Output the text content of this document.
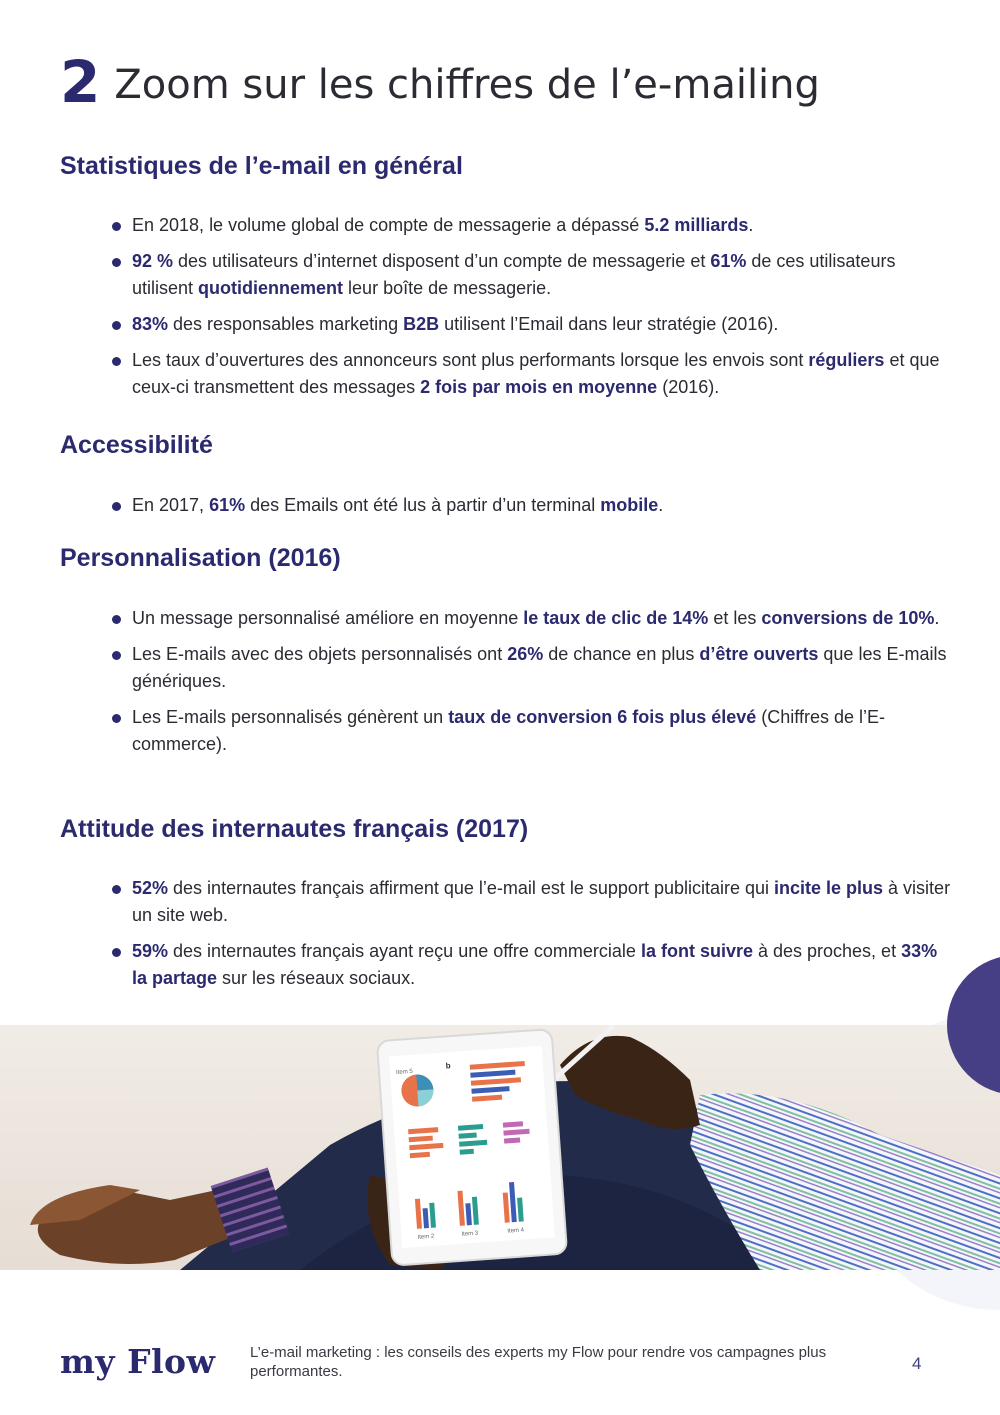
2 Zoom sur les chiffres de l’e-mailing
Statistiques de l’e-mail en général
En 2018, le volume global de compte de messagerie a dépassé 5.2 milliards.
92 % des utilisateurs d’internet disposent d’un compte de messagerie et 61% de ces utilisateurs utilisent quotidiennement leur boîte de messagerie.
83% des responsables marketing B2B utilisent l’Email dans leur stratégie (2016).
Les taux d’ouvertures des annonceurs sont plus performants lorsque les envois sont réguliers et que ceux-ci transmettent des messages 2 fois par mois en moyenne (2016).
Accessibilité
En 2017, 61% des Emails ont été lus à partir d’un terminal mobile.
Personnalisation (2016)
Un message personnalisé améliore en moyenne le taux de clic de 14% et les conversions de 10%.
Les E-mails avec des objets personnalisés ont 26% de chance en plus d’être ouverts que les E-mails génériques.
Les E-mails personnalisés génèrent un taux de conversion 6 fois plus élevé (Chiffres de l’E-commerce).
Attitude des internautes français (2017)
52% des internautes français affirment que l’e-mail est le support publicitaire qui incite le plus à visiter un site web.
59% des internautes français ayant reçu une offre commerciale la font suivre à des proches, et 33% la partage sur les réseaux sociaux.
Item 5
b
Item 2	Item 3	Item 4
my Flow L’e-mail marketing : les conseils des experts my Flow pour rendre vos campagnes plus performantes.	4
